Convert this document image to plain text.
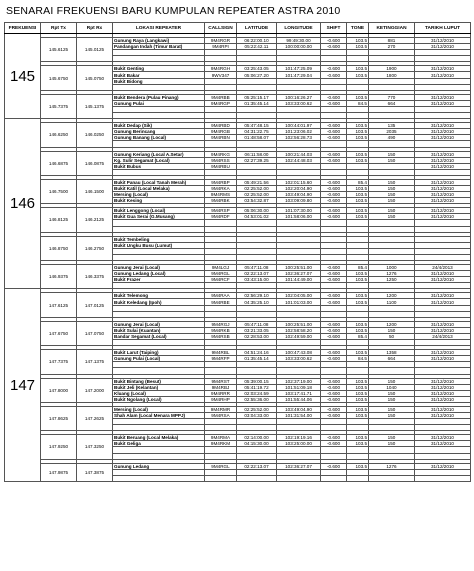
SENARAI FREKUENSI BARU KUMPULAN REPEATER ASTRA 2010
FREKUENSI	Rpt Tx	Rpt Rx	LOKASI REPEATER	CALLSIGN	LATITUDE	LONGITUDE	SHIFT	TONE	KETINGGIAN	TARIKH LUPUT
145										
	145.6125	145.0125	Gunung Raya (Langkawi)	9M4RGR	06:22:00.10	99:49:30.00	-0.600	103.5	881	31/12/2010
			Pandangan Indah (Timur Barat)	9M4RPI	05:22:42.11	100:00:00.00	-0.600	103.5	270	31/12/2010

	145.6750	145.0750	Bukit Genting	9M4RGH	03:25:43.05	101:47:25.09	-0.600	103.5	1900	31/12/2010
			Bukit Bakar	9WV347	05:06:27.20	101:47:29.04	-0.600	103.5	1800	31/12/2010
			Bukit Bidong							

	145.7375	145.1375	Bukit Bendera (Pulau Pinang)	9M4RBB	05:25:15.17	100:16:26.27	-0.600	103.5	770	31/12/2010
			Gunung Pulai	9M4RGP	01:35:45.14	103:33:00.62	-0.600	84.5	664	31/12/2010

146										
	146.6250	146.0250	Bukit Dedap (Sik)	9M4RBD	05:47:48.15	100:44:01.97	-0.600	103.5	135	31/12/2010
			Gunung Berincang	9M4RGB	04:31:22.75	101:23:06.02	-0.600	103.5	2035	31/12/2010
			Gunung Banang (Local)	9M4RBN	01:48:58.07	102:56:28.73	-0.600	103.5	490	31/12/2010

	146.6875	146.0875	Gunung Keriang (Local A.Setar)	9M4RKG	06:11:58.00	100:21:44.03	-0.600	103.5	150	31/12/2010
			Kg. Sulir Segamat (Local)	9M4RSS	02:27:39.25	102:44:48.03	-0.600	103.5	150	31/12/2010
			Bukit Bubus	9M4RBU						31/12/2010

	146.7500	146.1500	Bukit Panau (Local Tanah Merah)	9M4RBP	05:49:21.56	102:01:15.60	-0.600	85.4	150	31/12/2010
			Bukit Katil (Local Melaka)	9M4RKA	02:25:52.00	102:20:04.90	-0.600	103.5	150	31/12/2010
			Mersing (Local)	9M4RMS	02:25:52.00	103:49:04.90	-0.600	103.5	150	31/12/2010
			Bukit Kesing	9M4RBK	03:54:32.87	103:09:09.80	-0.600	103.5	150	31/12/2010

	146.8125	146.2125	Bukit Lenggong (Local)	9M4RSP	05:06:30.00	101:07:30.00	-0.600	103.5	150	31/12/2010
			Bukit Gua Serai (G.Musang)	9M4RDF	04:53:01.02	101:58:06.00	-0.600	103.5	150	31/12/2010

	146.8750	146.2750	Bukit Tembeling							
			Bukit Ungku Busu (Lumut)							

	146.9375	146.3375	Gunung Jerai (Local)	9M4LGJ	05:47:11.08	100:25:51.00	-0.600	85.4	1000	24/4/2013
			Gunung Ledang (Local)	9M4RGL	02:22:13.07	102:36:27.07	-0.600	103.5	1276	31/12/2010
			Bukit Frazer	9M4RCF	03:43:15.00	101:44:49.00	-0.600	103.5	1250	31/12/2010

147										
	147.6125	147.0125	Bukit Telemong	9M4RAA	02:56:29.10	102:04:05.00	-0.600	103.5	1200	31/12/2010
			Bukit Keledang (Ipoh)	9M4RBE	04:35:25.10	101:01:03.00	-0.600	103.5	1100	31/12/2010

	147.6750	147.0750	Gunung Jerai (Local)	9M4RGJ	05:47:11.08	100:25:51.00	-0.600	103.5	1200	31/12/2010
			Bukit Sulai (Kuantan)	9M4RKB	03:21:33.05	102:58:58.20	-0.600	103.5	150	31/12/2010
			Bandar Segamat (Local)	9M4RSB	02:28:53.00	102:49:59.00	-0.600	85.4	50	24/4/2013

	147.7375	147.1375	Bukit Larut (Taiping)	9M4RBL	04:51:24.16	100:47:43.08	-0.600	103.5	1358	31/12/2010
			Gunung Pulai (Local)	9M4RFP	01:35:45.14	103:33:00.62	-0.600	84.5	664	31/12/2010

	147.8000	147.2000	Bukit Bintang (Besut)	9M4RST	05:39:00.15	102:37:19.00	-0.600	103.5	150	31/12/2010
			Bukit Jeli (Kelantan)	9M4RBJ	05:41:19.72	101:51:09.18	-0.600	103.5	1040	31/12/2010
			Kluang (Local)	9M4RRR	02:03:24.59	103:17:41.71	-0.600	103.5	150	31/12/2010
			Bukit Ngolang (Local)	9M4RHP	02:55:36.00	101:55:44.06	-0.600	103.5	150	31/12/2010

	147.8625	147.2625	Mersing (Local)	9M4RMR	02:25:52.00	103:49:04.90	-0.600	103.5	150	31/12/2010
			Shah Alam (Local Menara MPPJ)	9M4RSA	03:04:33.00	101:31:54.00	-0.600	103.5	150	31/12/2010

	147.9250	147.3250	Bukit Beruang (Local Melaka)	9M4RMA	02:14:00.00	102:19:19.16	-0.600	103.5	150	31/12/2010
			Bukit Geliga	9M4RKM	04:15:30.00	103:25:00.00	-0.600	103.5	150	31/12/2010

	147.9875	147.3875	Gunung Ledang	9M4RGL	02:22:13.07	102:36:27.07	-0.600	103.5	1276	31/12/2010
